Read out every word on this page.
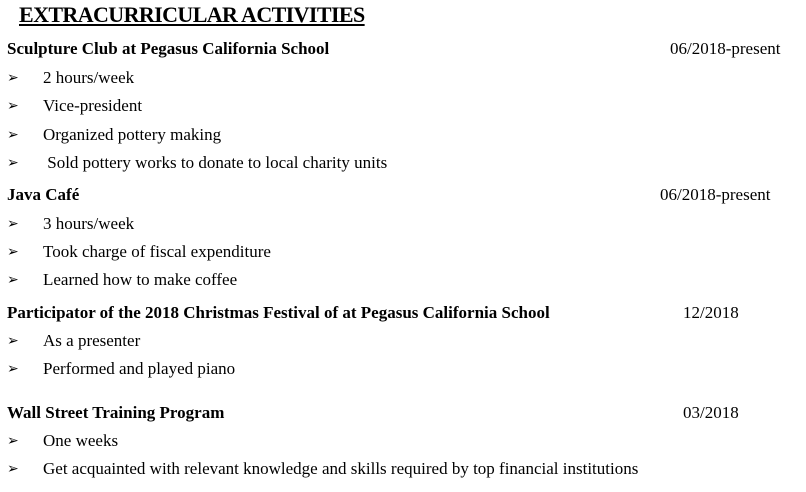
EXTRACURRICULAR ACTIVITIES
Sculpture Club at Pegasus California School	06/2018-present
➢ 2 hours/week
➢ Vice-president
➢ Organized pottery making
➢ Sold pottery works to donate to local charity units
Java Café	06/2018-present
➢ 3 hours/week
➢ Took charge of fiscal expenditure
➢ Learned how to make coffee
Participator of the 2018 Christmas Festival of at Pegasus California School	12/2018
➢ As a presenter
➢ Performed and played piano
Wall Street Training Program	03/2018
➢ One weeks
➢ Get acquainted with relevant knowledge and skills required by top financial institutions
